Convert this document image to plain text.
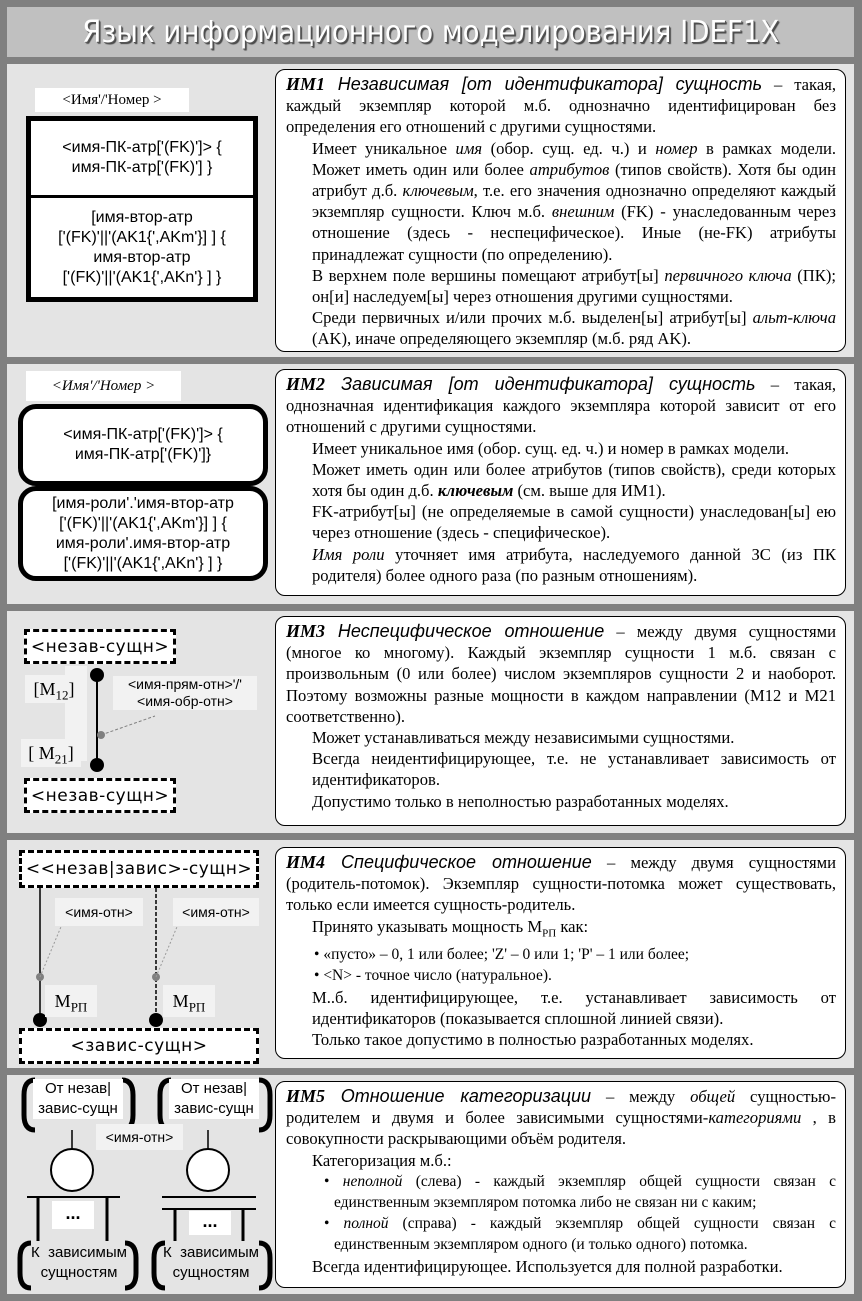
Язык информационного моделирования IDEF1X
<Имя'/'Номер >
<имя-ПК-атр['(FK)']> {
имя-ПК-атр['(FK)'] }
[имя-втор-атр
['(FK)'||'(AK1{',AKm'}] ] {
имя-втор-атр
['(FK)'||'(AK1{',AKn'} ] }

ИМ1 Независимая [от идентификатора] сущность – такая, каждый экземпляр которой м.б. однозначно идентифицирован без определения его отношений с другими сущностями.

Имеет уникальное имя (обор. сущ. ед. ч.) и номер в рамках модели. Может иметь один или более атрибутов (типов свойств). Хотя бы один атрибут д.б. ключевым, т.е. его значения однозначно определяют каждый экземпляр сущности. Ключ м.б. внешним (FK) - унаследованным через отношение (здесь - неспецифическое). Иные (не-FK) атрибуты принадлежат сущности (по определению).

В верхнем поле вершины помещают атрибут[ы] первичного ключа (ПК); он[и] наследуем[ы] через отношения другими сущностями.

Среди первичных и/или прочих м.б. выделен[ы] атрибут[ы] альт-ключа (AK), иначе определяющего экземпляр (м.б. ряд AK).

<Имя'/'Номер >
<имя-ПК-атр['(FK)']> {
имя-ПК-атр['(FK)']}
[имя-роли'.'имя-втор-атр
['(FK)'||'(AK1{',AKm'}] ] {
имя-роли'.имя-втор-атр
['(FK)'||'(AK1{',AKn'} ] }

ИМ2 Зависимая [от идентификатора] сущность – такая, однозначная идентификация каждого экземпляра которой зависит от его отношений с другими сущностями.

Имеет уникальное имя (обор. сущ. ед. ч.) и номер в рамках модели.

Может иметь один или более атрибутов (типов свойств), среди которых хотя бы один д.б. ключевым (см. выше для ИМ1).

FK-атрибут[ы] (не определяемые в самой сущности) унаследован[ы] ею через отношение (здесь - специфическое).

Имя роли уточняет имя атрибута, наследуемого данной ЗС (из ПК родителя) более одного раза (по разным отношениям).

<незав-сущн>
<незав-сущн>
$[M_{12}]$
[ $M_{21}$]
<имя-прям-отн>'/'
<имя-обр-отн>

ИМ3 Неспецифическое отношение – между двумя сущностями (многое ко многому). Каждый экземпляр сущности 1 м.б. связан с произвольным (0 или более) числом экземпляров сущности 2 и наоборот. Поэтому возможны разные мощности в каждом направлении (M12 и M21 соответственно).

Может устанавливаться между независимыми сущностями.

Всегда неидентифицирующее, т.е. не устанавливает зависимость от идентификаторов.

Допустимо только в неполностью разработанных моделях.

<<незав|завис>-сущн>
<завис-сущн>
<имя-отн>	<имя-отн>
$M_{РП}$	$M_{РП}$

ИМ4 Специфическое отношение – между двумя сущностями (родитель-потомок). Экземпляр сущности-потомка может существовать, только если имеется сущность-родитель.

Принято указывать мощность $M_{РП}$ как:

• «пусто» – 0, 1 или более; 'Z' – 0 или 1; 'P' – 1 или более;

• <N> - точное число (натуральное).

М..б. идентифицирующее, т.е. устанавливает зависимость от идентификаторов (показывается сплошной линией связи).

Только такое допустимо в полностью разработанных моделях.

От незав|
завис-сущн
От незав|
завис-сущн
<имя-отн>
...	...
К  зависимым
сущностям
К  зависимым
сущностям

ИМ5 Отношение категоризации – между общей сущностью-родителем и двумя и более зависимыми сущностями-категориями , в совокупности раскрывающими объём родителя.

Категоризация м.б.:

• неполной (слева) - каждый экземпляр общей сущности связан с единственным экземпляром потомка либо не связан ни с каким;

• полной (справа) - каждый экземпляр общей сущности связан с единственным экземпляром одного (и только одного) потомка.

Всегда идентифицирующее. Используется для полной разработки.
